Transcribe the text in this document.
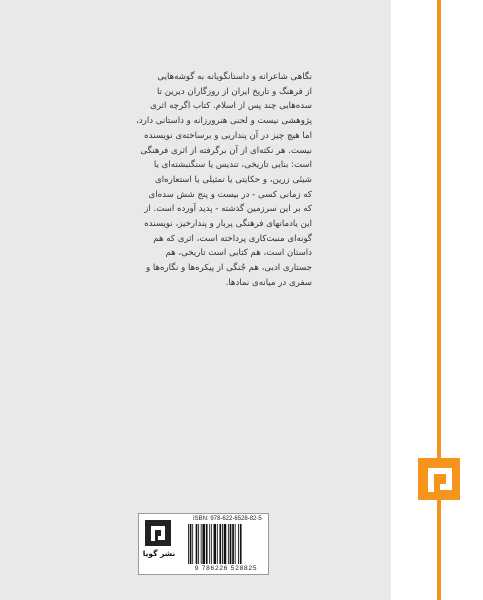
نگاهی شاعرانه و داستانگویانه به گوشه‌هایی

از فرهنگ و تاریخ ایران از روزگاران دیرین تا

سده‌هایی چند پس از اسلام. کتاب اگرچه اثری

پژوهشی نیست و لحنی هنرورزانه و داستانی دارد،

اما هیچ چیز در آن پنداریی و برساخته‌ی نویسنده

نیست. هر نکته‌ای از آن برگرفته از اثری فرهنگی

است: بنایی تاریخی، تندیس یا سنگنبشته‌ای یا

شیئی زرین، و حکایتی یا تمثیلی یا استعاره‌ای

که زمانی کسی - در بیست و پنج شش سده‌ای

که بر این سرزمین گذشته - پدید آورده است. از

این یادمانهای فرهنگی پربار و پندارخیز، نویسنده

گونه‌ای منبت‌کاری پرداخته است، اثری که هم

داستان است، هم کتابی است تاریخی، هم

جستاری ادبی، هم جُنگی از پیکره‌ها و نگاره‌ها و

سفری در میانه‌ی نمادها.

نشر گویا
ISBN: 978-622-6528-82-5
9 786226 528825
